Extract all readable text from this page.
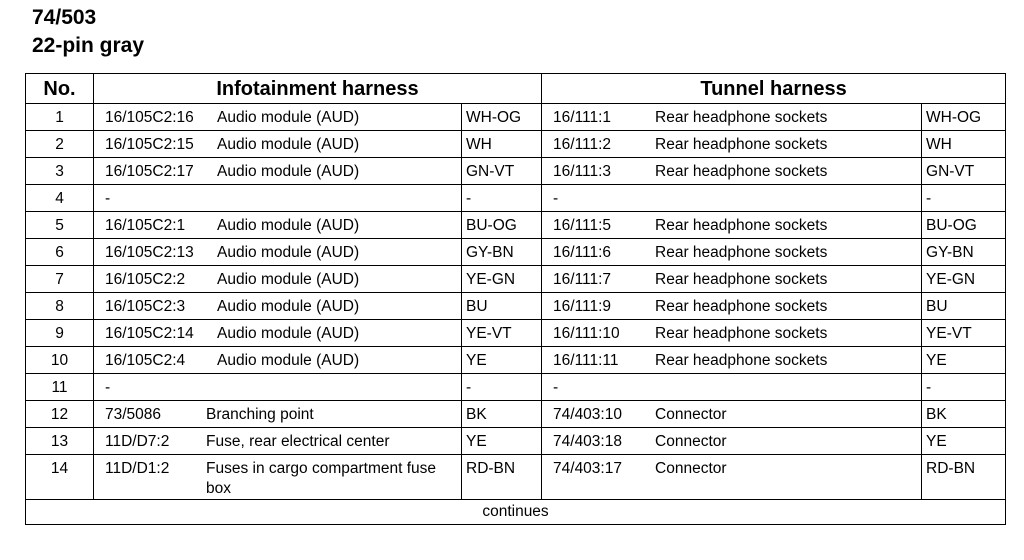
74/503
22-pin gray
No.	Infotainment harness		Tunnel harness	
1	16/105C2:16 Audio module (AUD)	WH-OG	16/111:1 Rear headphone sockets	WH-OG
2	16/105C2:15 Audio module (AUD)	WH	16/111:2 Rear headphone sockets	WH
3	16/105C2:17 Audio module (AUD)	GN-VT	16/111:3 Rear headphone sockets	GN-VT
4	-	-	-	-
5	16/105C2:1 Audio module (AUD)	BU-OG	16/111:5 Rear headphone sockets	BU-OG
6	16/105C2:13 Audio module (AUD)	GY-BN	16/111:6 Rear headphone sockets	GY-BN
7	16/105C2:2 Audio module (AUD)	YE-GN	16/111:7 Rear headphone sockets	YE-GN
8	16/105C2:3 Audio module (AUD)	BU	16/111:9 Rear headphone sockets	BU
9	16/105C2:14 Audio module (AUD)	YE-VT	16/111:10 Rear headphone sockets	YE-VT
10	16/105C2:4 Audio module (AUD)	YE	16/111:11 Rear headphone sockets	YE
11	-	-	-	-
12	73/5086 Branching point	BK	74/403:10 Connector	BK
13	11D/D7:2 Fuse, rear electrical center	YE	74/403:18 Connector	YE
14	11D/D1:2 Fuses in cargo compartment fuse box	RD-BN	74/403:17 Connector	RD-BN
continues				
